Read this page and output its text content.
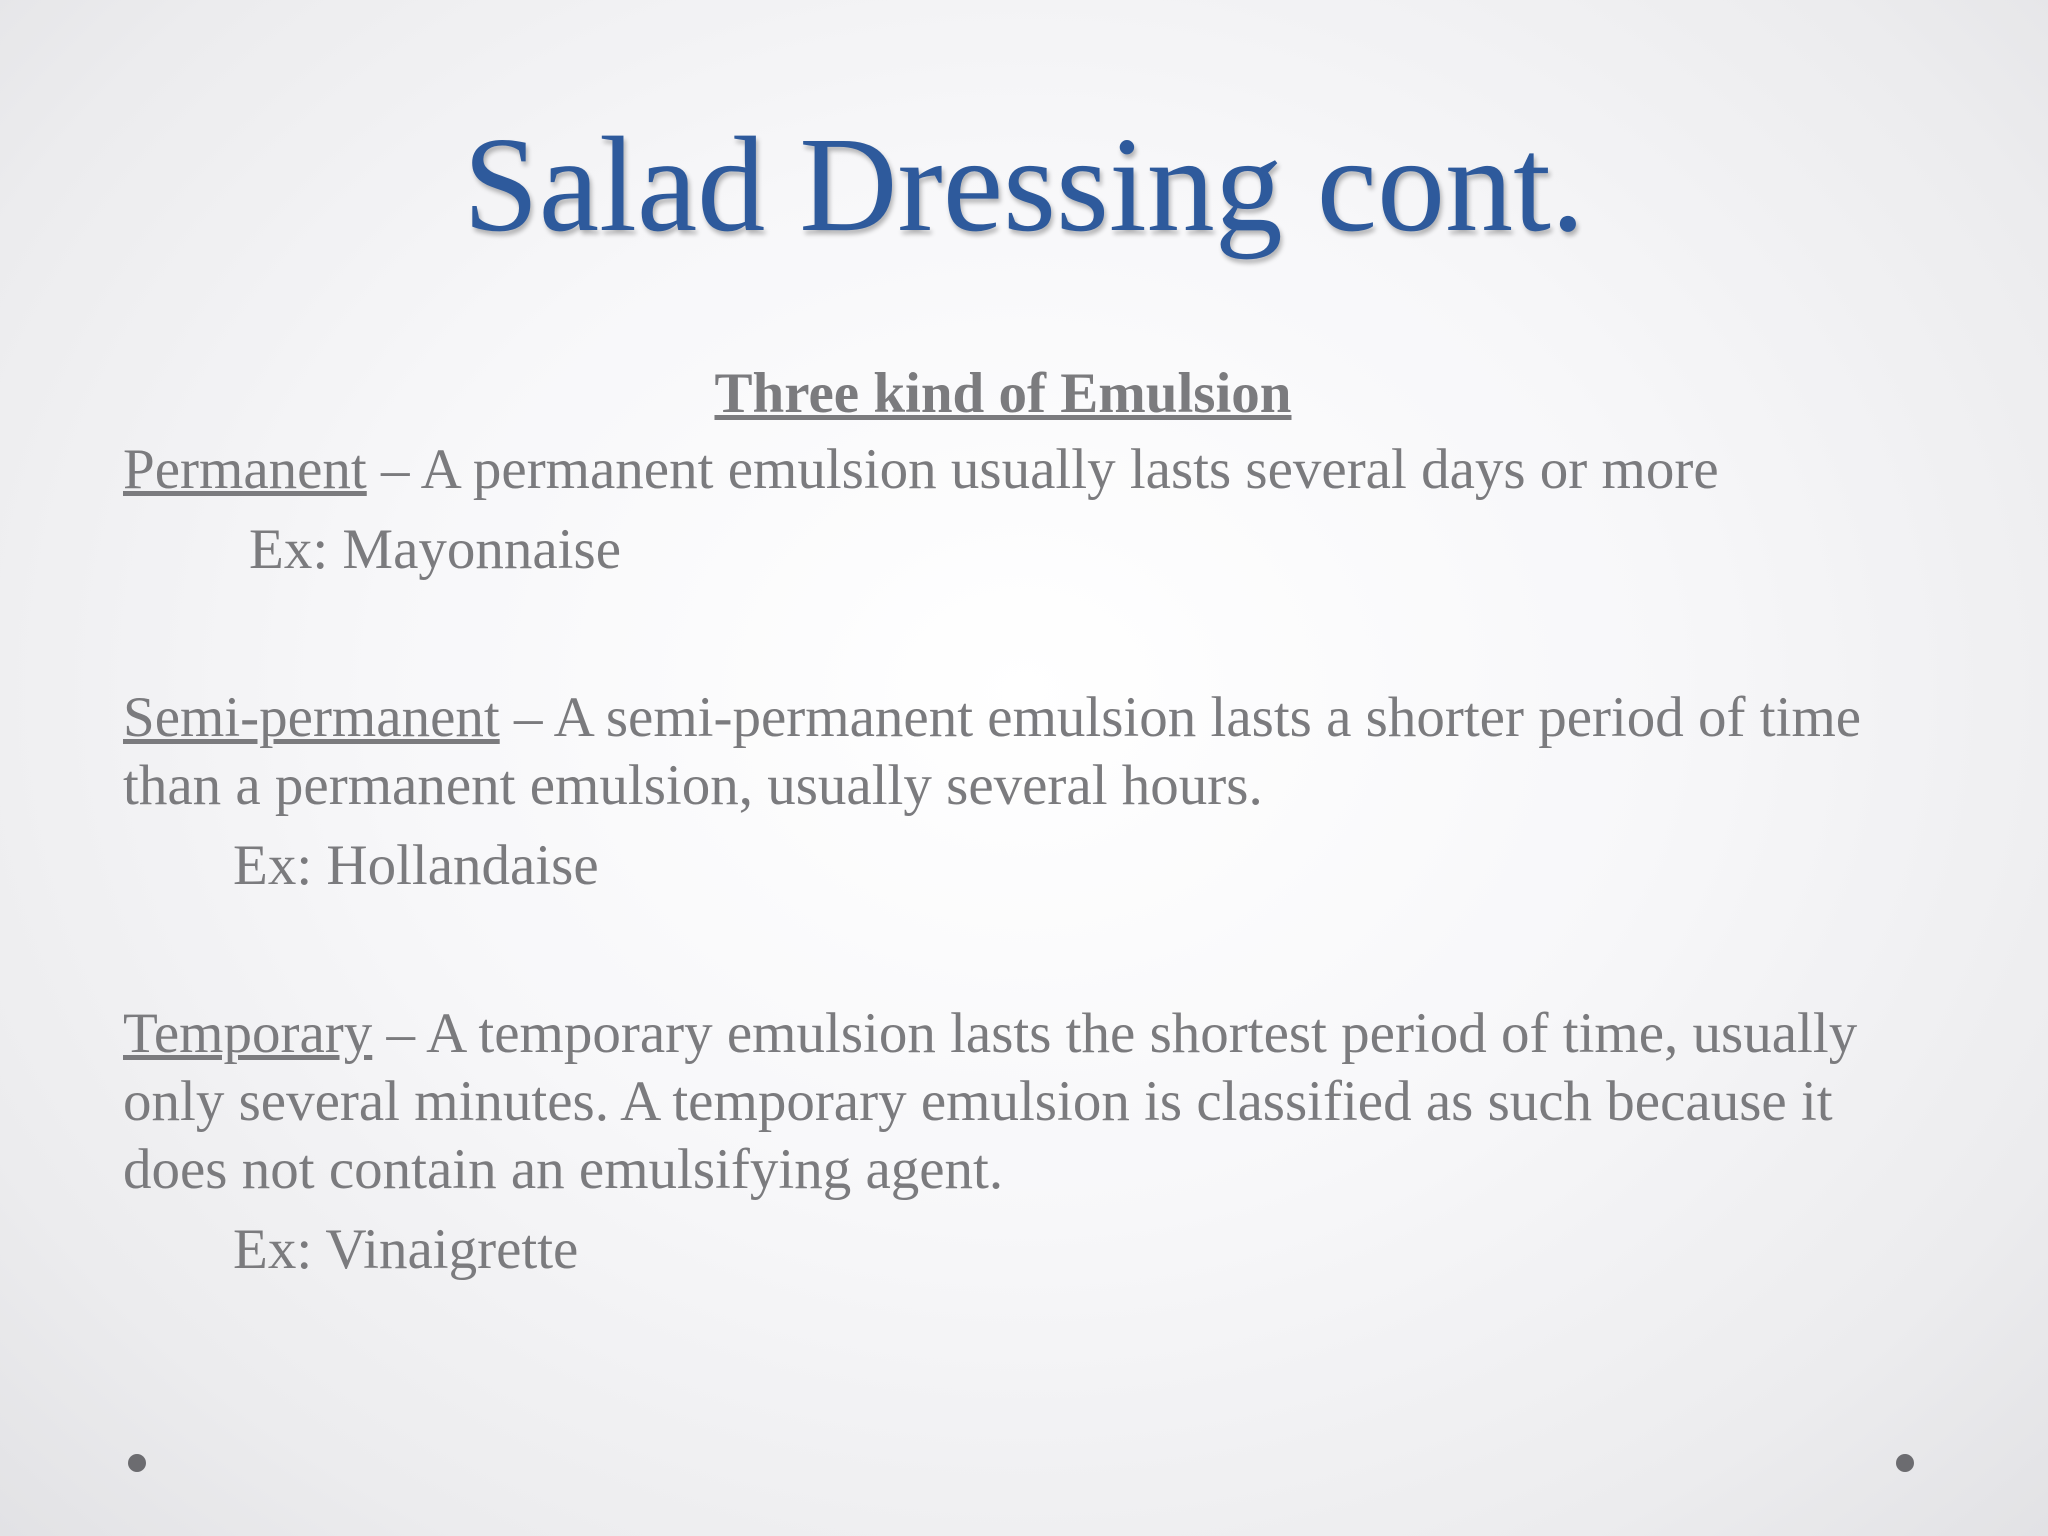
Salad Dressing cont.
Three kind of Emulsion

Permanent – A permanent emulsion usually lasts several days or more

Ex: Mayonnaise

Semi-permanent – A semi-permanent emulsion lasts a shorter period of time than a permanent emulsion, usually several hours.

Ex: Hollandaise

Temporary – A temporary emulsion lasts the shortest period of time, usually only several minutes. A temporary emulsion is classified as such because it does not contain an emulsifying agent.

Ex: Vinaigrette
